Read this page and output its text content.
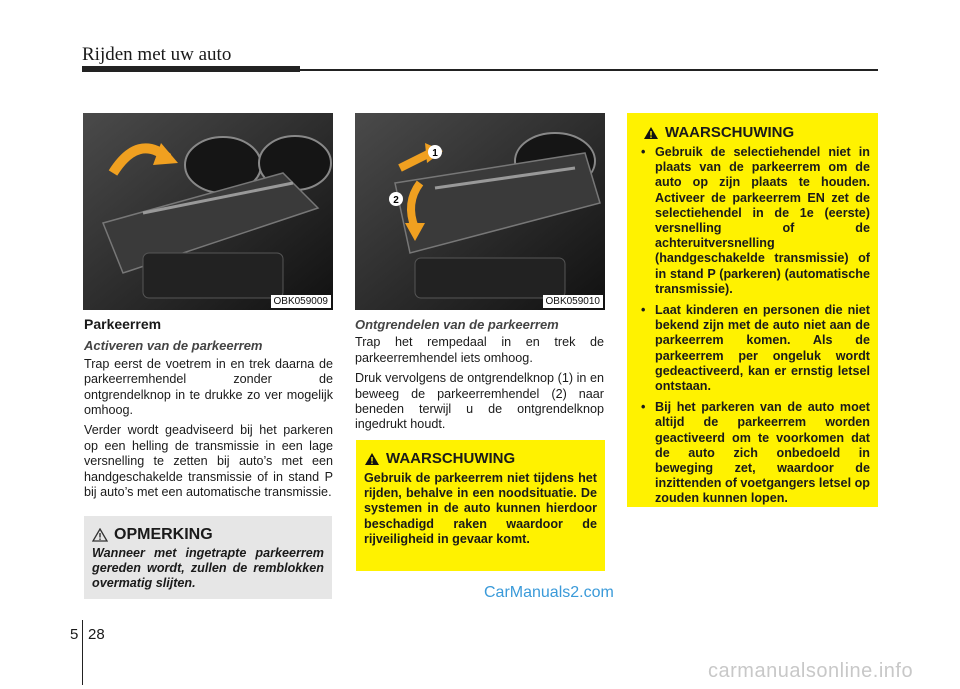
Rijden met uw auto
OBK059009
1
2
OBK059010
Parkeerrem
Activeren van de parkeerrem

Trap eerst de voetrem in en trek daarna de parkeerremhendel zonder de ontgrendelknop in te drukke zo ver mogelijk omhoog.

Verder wordt geadviseerd bij het parkeren op een helling de transmissie in een lage versnelling te zetten bij auto’s met een handgeschakelde transmissie of in stand P bij auto’s met een automatische transmissie.

OPMERKING
Wanneer met ingetrapte parkeerrem gereden wordt, zullen de remblokken overmatig slijten.
Ontgrendelen van de parkeerrem

Trap het rempedaal in en trek de parkeerremhendel iets omhoog.

Druk vervolgens de ontgrendelknop (1) in en beweeg de parkeerremhendel (2) naar beneden terwijl u de ontgrendelknop ingedrukt houdt.

WAARSCHUWING

Gebruik de parkeerrem niet tijdens het rijden, behalve in een noodsituatie. De systemen in de auto kunnen hierdoor beschadigd raken waardoor de rijveiligheid in gevaar komt.

WAARSCHUWING
• Gebruik de selectiehendel niet in plaats van de parkeerrem om de auto op zijn plaats te houden. Activeer de parkeerrem EN zet de selectiehendel in de 1e (eerste) versnelling of de achteruitversnelling (handgeschakelde transmissie) of in stand P (parkeren) (automatische transmissie).
• Laat kinderen en personen die niet bekend zijn met de auto niet aan de parkeerrem komen. Als de parkeerrem per ongeluk wordt gedeactiveerd, kan er ernstig letsel ontstaan.
• Bij het parkeren van de auto moet altijd de parkeerrem worden geactiveerd om te voorkomen dat de auto zich onbedoeld in beweging zet, waardoor de inzittenden of voetgangers letsel op zouden kunnen lopen.
5 28
CarManuals2.com
carmanualsonline.info
